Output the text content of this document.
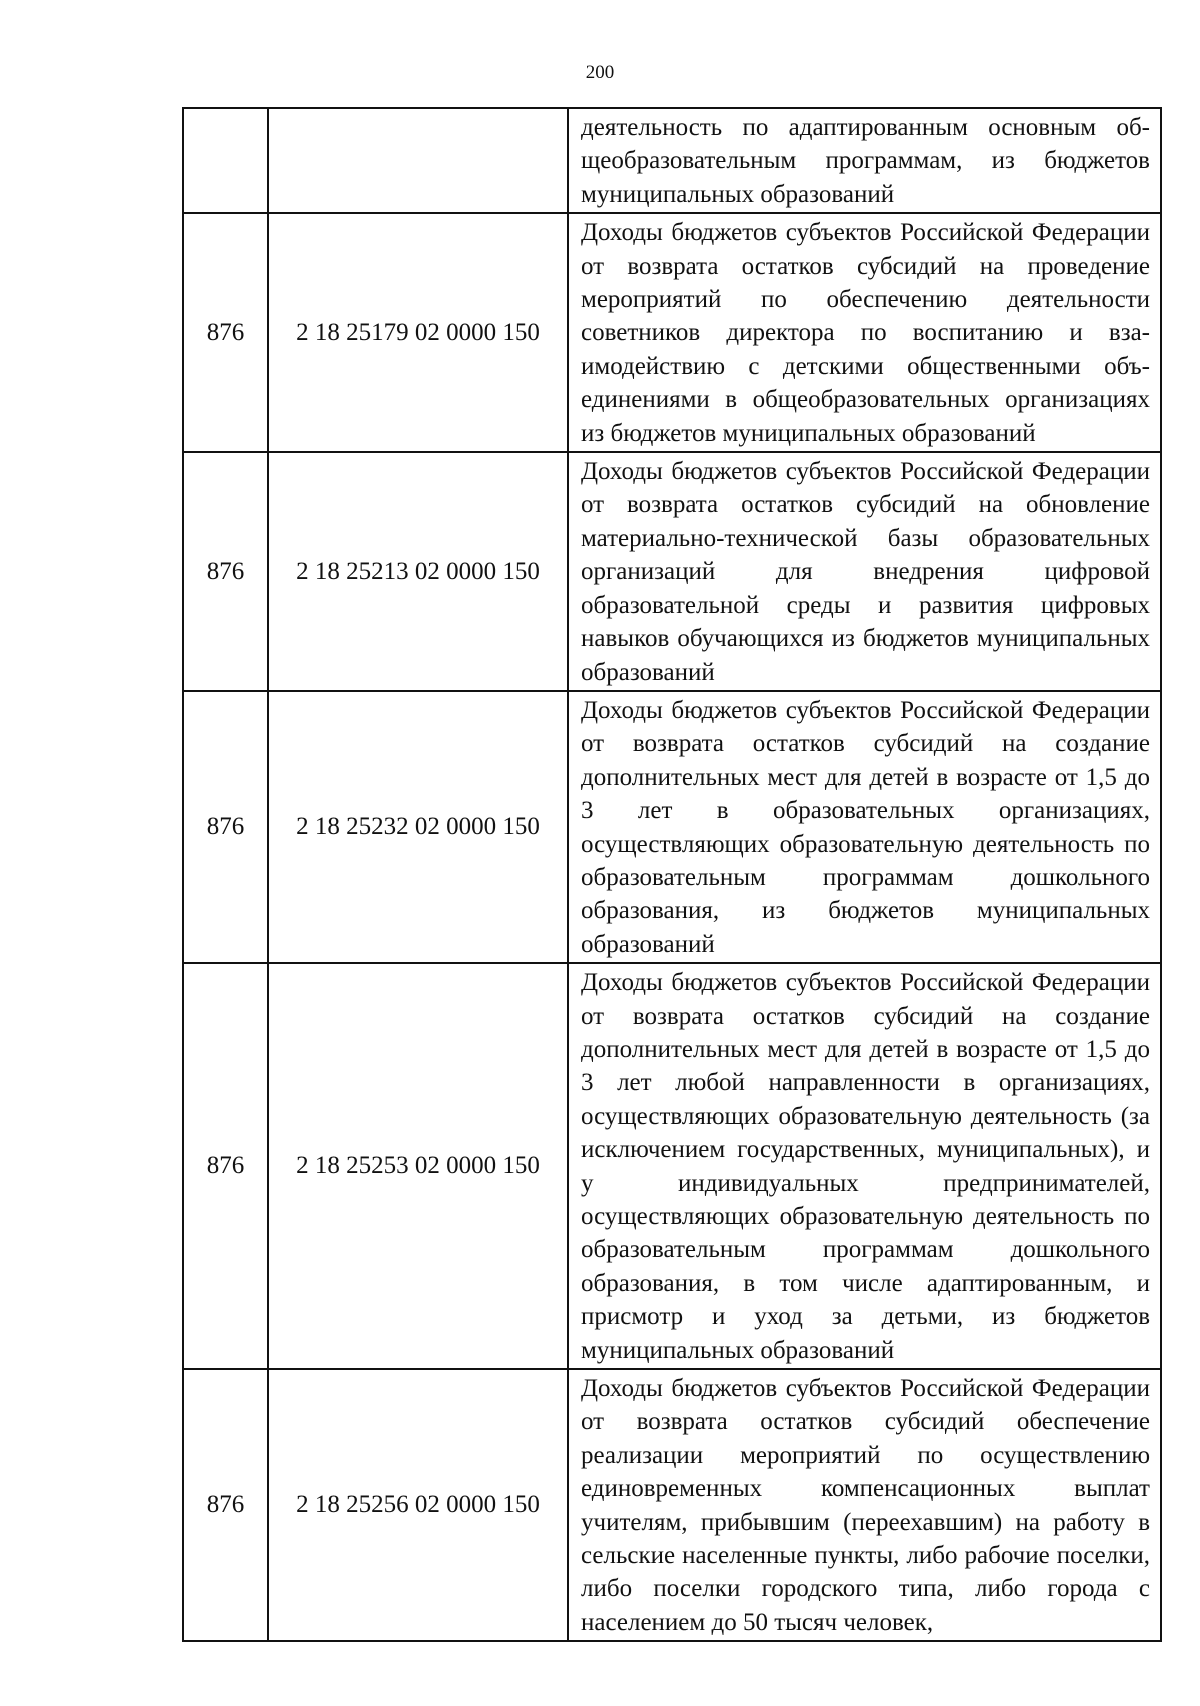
200
		деятельность по адаптированным основным общеобразовательным программам, из бюджетов муниципальных образований
876	2 18 25179 02 0000 150	Доходы бюджетов субъектов Российской Федерации от возврата остатков субсидий на проведение мероприятий по обеспечению деятельности советников директора по воспитанию и взаимодействию с детскими общественными объединениями в общеобразовательных организациях из бюджетов муниципальных образований
876	2 18 25213 02 0000 150	Доходы бюджетов субъектов Российской Федерации от возврата остатков субсидий на обновление материально-технической базы образовательных организаций для внедрения цифровой образовательной среды и развития цифровых навыков обучающихся из бюджетов муниципальных образований
876	2 18 25232 02 0000 150	Доходы бюджетов субъектов Российской Федерации от возврата остатков субсидий на создание дополнительных мест для детей в возрасте от 1,5 до 3 лет в образовательных организациях, осуществляющих образовательную деятельность по образовательным программам дошкольного образования, из бюджетов муниципальных образований
876	2 18 25253 02 0000 150	Доходы бюджетов субъектов Российской Федерации от возврата остатков субсидий на создание дополнительных мест для детей в возрасте от 1,5 до 3 лет любой направленности в организациях, осуществляющих образовательную деятельность (за исключением государственных, муниципальных), и у индивидуальных предпринимателей, осуществляющих образовательную деятельность по образовательным программам дошкольного образования, в том числе адаптированным, и присмотр и уход за детьми, из бюджетов муниципальных образований
876	2 18 25256 02 0000 150	Доходы бюджетов субъектов Российской Федерации от возврата остатков субсидий обеспечение реализации мероприятий по осуществлению единовременных компенсационных выплат учителям, прибывшим (переехавшим) на работу в сельские населенные пункты, либо рабочие поселки, либо поселки городского типа, либо города с населением до 50 тысяч человек,
